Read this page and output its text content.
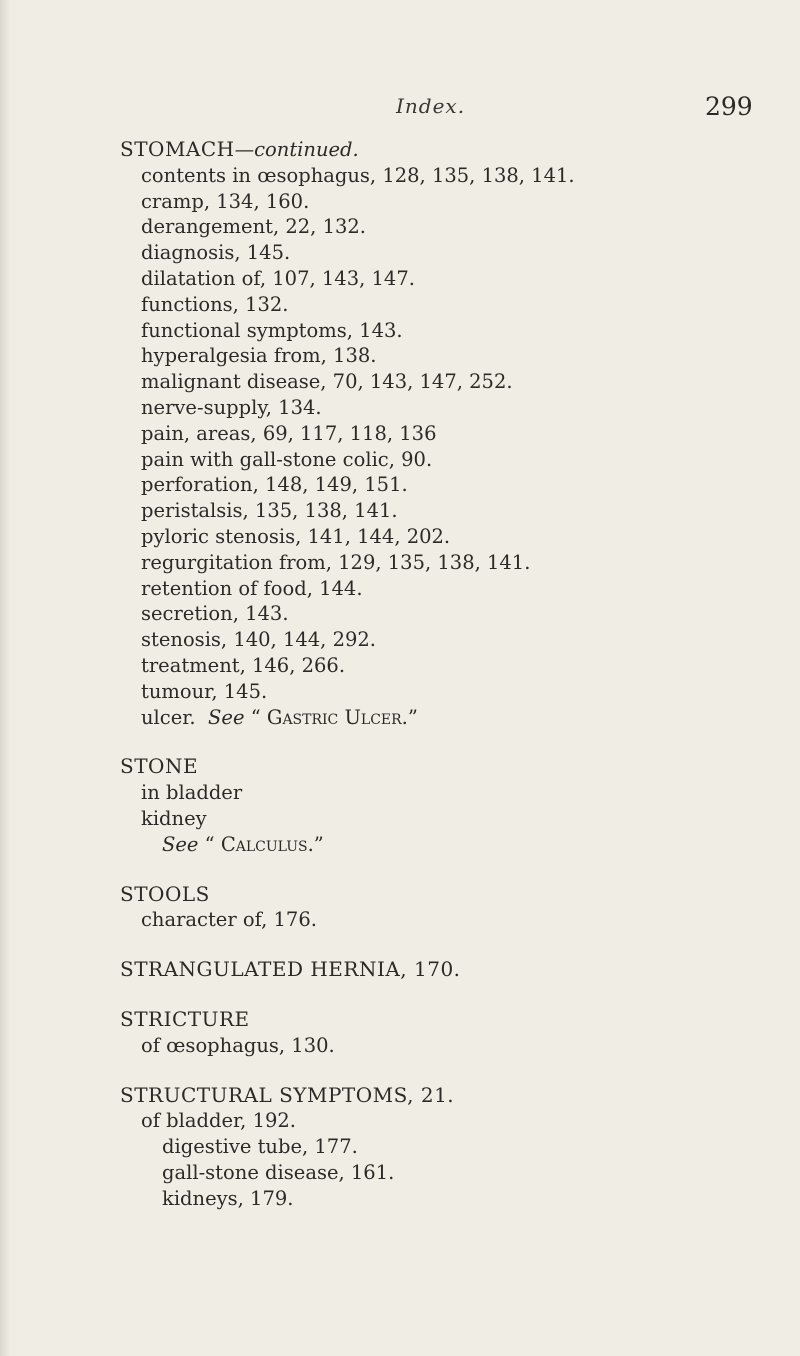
Index.	299
STOMACH—continued.
contents in œsophagus, 128, 135, 138, 141.
cramp, 134, 160.
derangement, 22, 132.
diagnosis, 145.
dilatation of, 107, 143, 147.
functions, 132.
functional symptoms, 143.
hyperalgesia from, 138.
malignant disease, 70, 143, 147, 252.
nerve-supply, 134.
pain, areas, 69, 117, 118, 136
pain with gall-stone colic, 90.
perforation, 148, 149, 151.
peristalsis, 135, 138, 141.
pyloric stenosis, 141, 144, 202.
regurgitation from, 129, 135, 138, 141.
retention of food, 144.
secretion, 143.
stenosis, 140, 144, 292.
treatment, 146, 266.
tumour, 145.
ulcer. See “ Gastric Ulcer.”
STONE
in bladder
kidney
See “ Calculus.”
STOOLS
character of, 176.
STRANGULATED HERNIA, 170.
STRICTURE
of œsophagus, 130.
STRUCTURAL SYMPTOMS, 21.
of bladder, 192.
digestive tube, 177.
gall-stone disease, 161.
kidneys, 179.
